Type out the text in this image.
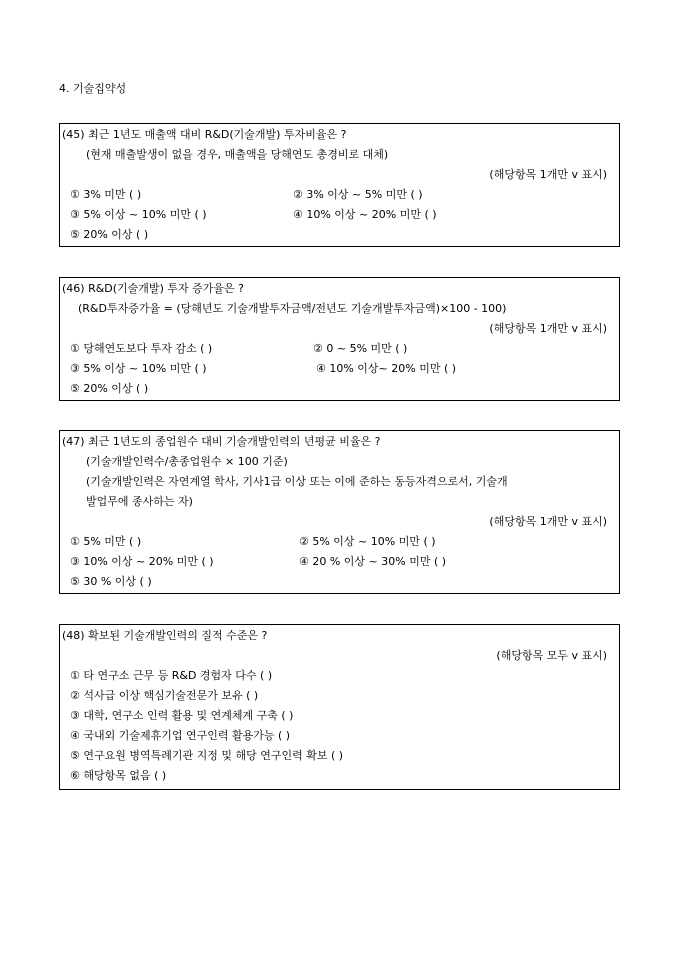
4. 기술집약성
(45) 최근 1년도 매출액 대비 R&D(기술개발) 투자비율은 ?
(현재 매출발생이 없을 경우, 매출액을 당해연도 총경비로 대체)
(해당항목 1개만 v 표시)
① 3% 미만 ( )	② 3% 이상 ~ 5% 미만 ( )
③ 5% 이상 ~ 10% 미만 ( )	④ 10% 이상 ~ 20% 미만 ( )
⑤ 20% 이상 ( )
(46) R&D(기술개발) 투자 증가율은 ?
(R&D투자증가율 = (당해년도 기술개발투자금액/전년도 기술개발투자금액)×100 - 100)
(해당항목 1개만 v 표시)
① 당해연도보다 투자 감소 ( )	② 0 ~ 5% 미만 ( )
③ 5% 이상 ~ 10% 미만 ( )	④ 10% 이상~ 20% 미만 ( )
⑤ 20% 이상 ( )
(47) 최근 1년도의 종업원수 대비 기술개발인력의 년평균 비율은 ?
(기술개발인력수/총종업원수 × 100 기준)
(기술개발인력은 자연계열 학사, 기사1급 이상 또는 이에 준하는 동등자격으로서, 기술개
발업무에 종사하는 자)
(해당항목 1개만 v 표시)
① 5% 미만 ( )	② 5% 이상 ~ 10% 미만 ( )
③ 10% 이상 ~ 20% 미만 ( )	④ 20 % 이상 ~ 30% 미만 ( )
⑤ 30 % 이상 ( )
(48) 확보된 기술개발인력의 질적 수준은 ?
(해당항목 모두 v 표시)
① 타 연구소 근무 등 R&D 경험자 다수 ( )
② 석사급 이상 핵심기술전문가 보유 ( )
③ 대학, 연구소 인력 활용 및 연계체계 구축 ( )
④ 국내외 기술제휴기업 연구인력 활용가능 ( )
⑤ 연구요원 병역특례기관 지정 및 해당 연구인력 확보 ( )
⑥ 해당항목 없음 ( )
